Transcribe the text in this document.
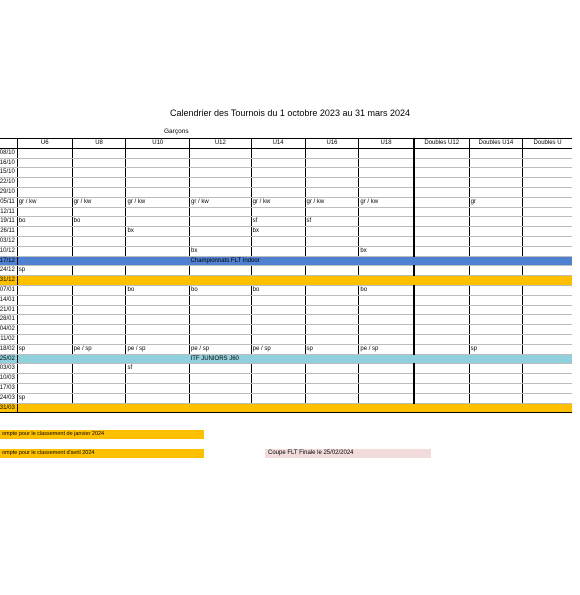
Calendrier des Tournois du 1 octobre 2023 au 31 mars 2024
Garçons
	U6	U8	U10	U12	U14	U16	U18	Doubles U12	Doubles U14	Doubles U
08/10										
16/10										
15/10										
22/10										
29/10										
05/11	gr / kw	gr / kw	gr / kw	gr / kw	gr / kw	gr / kw	gr / kw		gr	
12/11										
19/11	bo	bo			sf	sf				
26/11			bx		bx					
03/12										
10/12				bx			bx			
17/12				Championnats FLT Indoor						
24/12	sp									
31/12										
07/01			bo	bo	bo		bo			
14/01										
21/01										
28/01										
04/02										
11/02										
18/02	sp	pe / sp	pe / sp	pe / sp	pe / sp	sp	pe / sp		sp	
25/02				ITF JUNIORS J60						
03/03			sf							
10/03										
17/03										
24/03	sp									
31/03										
ompte pour le classement de janvier 2024
ompte pour le classement d'avril 2024	Coupe FLT Finale le 25/02/2024
